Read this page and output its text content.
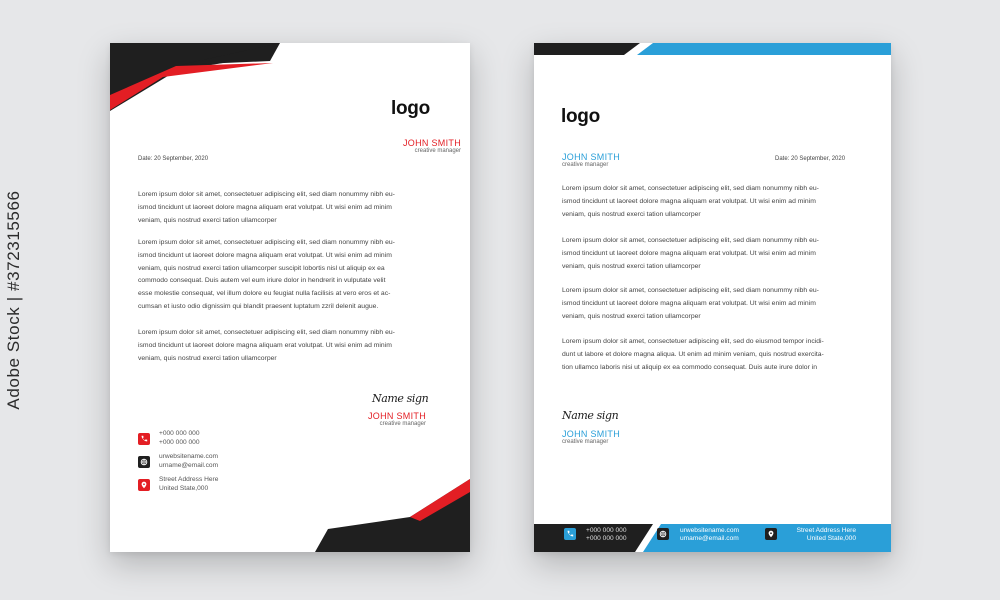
Adobe Stock | #372315566
logo
JOHN SMITH
creative manager
Date: 20 September, 2020
Lorem ipsum dolor sit amet, consectetuer adipiscing elit, sed diam nonummy nibh eu-
ismod tincidunt ut laoreet dolore magna aliquam erat volutpat. Ut wisi enim ad minim
veniam, quis nostrud exerci tation ullamcorper
Lorem ipsum dolor sit amet, consectetuer adipiscing elit, sed diam nonummy nibh eu-
ismod tincidunt ut laoreet dolore magna aliquam erat volutpat. Ut wisi enim ad minim
veniam, quis nostrud exerci tation ullamcorper suscipit lobortis nisl ut aliquip ex ea
commodo consequat. Duis autem vel eum iriure dolor in hendrerit in vulputate velit
esse molestie consequat, vel illum dolore eu feugiat nulla facilisis at vero eros et ac-
cumsan et iusto odio dignissim qui blandit praesent luptatum zzril delenit augue.
Lorem ipsum dolor sit amet, consectetuer adipiscing elit, sed diam nonummy nibh eu-
ismod tincidunt ut laoreet dolore magna aliquam erat volutpat. Ut wisi enim ad minim
veniam, quis nostrud exerci tation ullamcorper
Name sign
JOHN SMITH
creative manager
+000 000 000
+000 000 000
urwebsitename.com
urname@email.com
Street Address Here
United State,000
logo
JOHN SMITH
creative manager
Date: 20 September, 2020
Lorem ipsum dolor sit amet, consectetuer adipiscing elit, sed diam nonummy nibh eu-
ismod tincidunt ut laoreet dolore magna aliquam erat volutpat. Ut wisi enim ad minim
veniam, quis nostrud exerci tation ullamcorper
Lorem ipsum dolor sit amet, consectetuer adipiscing elit, sed diam nonummy nibh eu-
ismod tincidunt ut laoreet dolore magna aliquam erat volutpat. Ut wisi enim ad minim
veniam, quis nostrud exerci tation ullamcorper
Lorem ipsum dolor sit amet, consectetuer adipiscing elit, sed diam nonummy nibh eu-
ismod tincidunt ut laoreet dolore magna aliquam erat volutpat. Ut wisi enim ad minim
veniam, quis nostrud exerci tation ullamcorper
Lorem ipsum dolor sit amet, consectetuer adipiscing elit, sed do eiusmod tempor incidi-
dunt ut labore et dolore magna aliqua. Ut enim ad minim veniam, quis nostrud exercita-
tion ullamco laboris nisi ut aliquip ex ea commodo consequat. Duis aute irure dolor in
Name sign
JOHN SMITH
creative manager
+000 000 000
+000 000 000
urwebsitename.com
umame@email.com
Street Address Here
United State,000
